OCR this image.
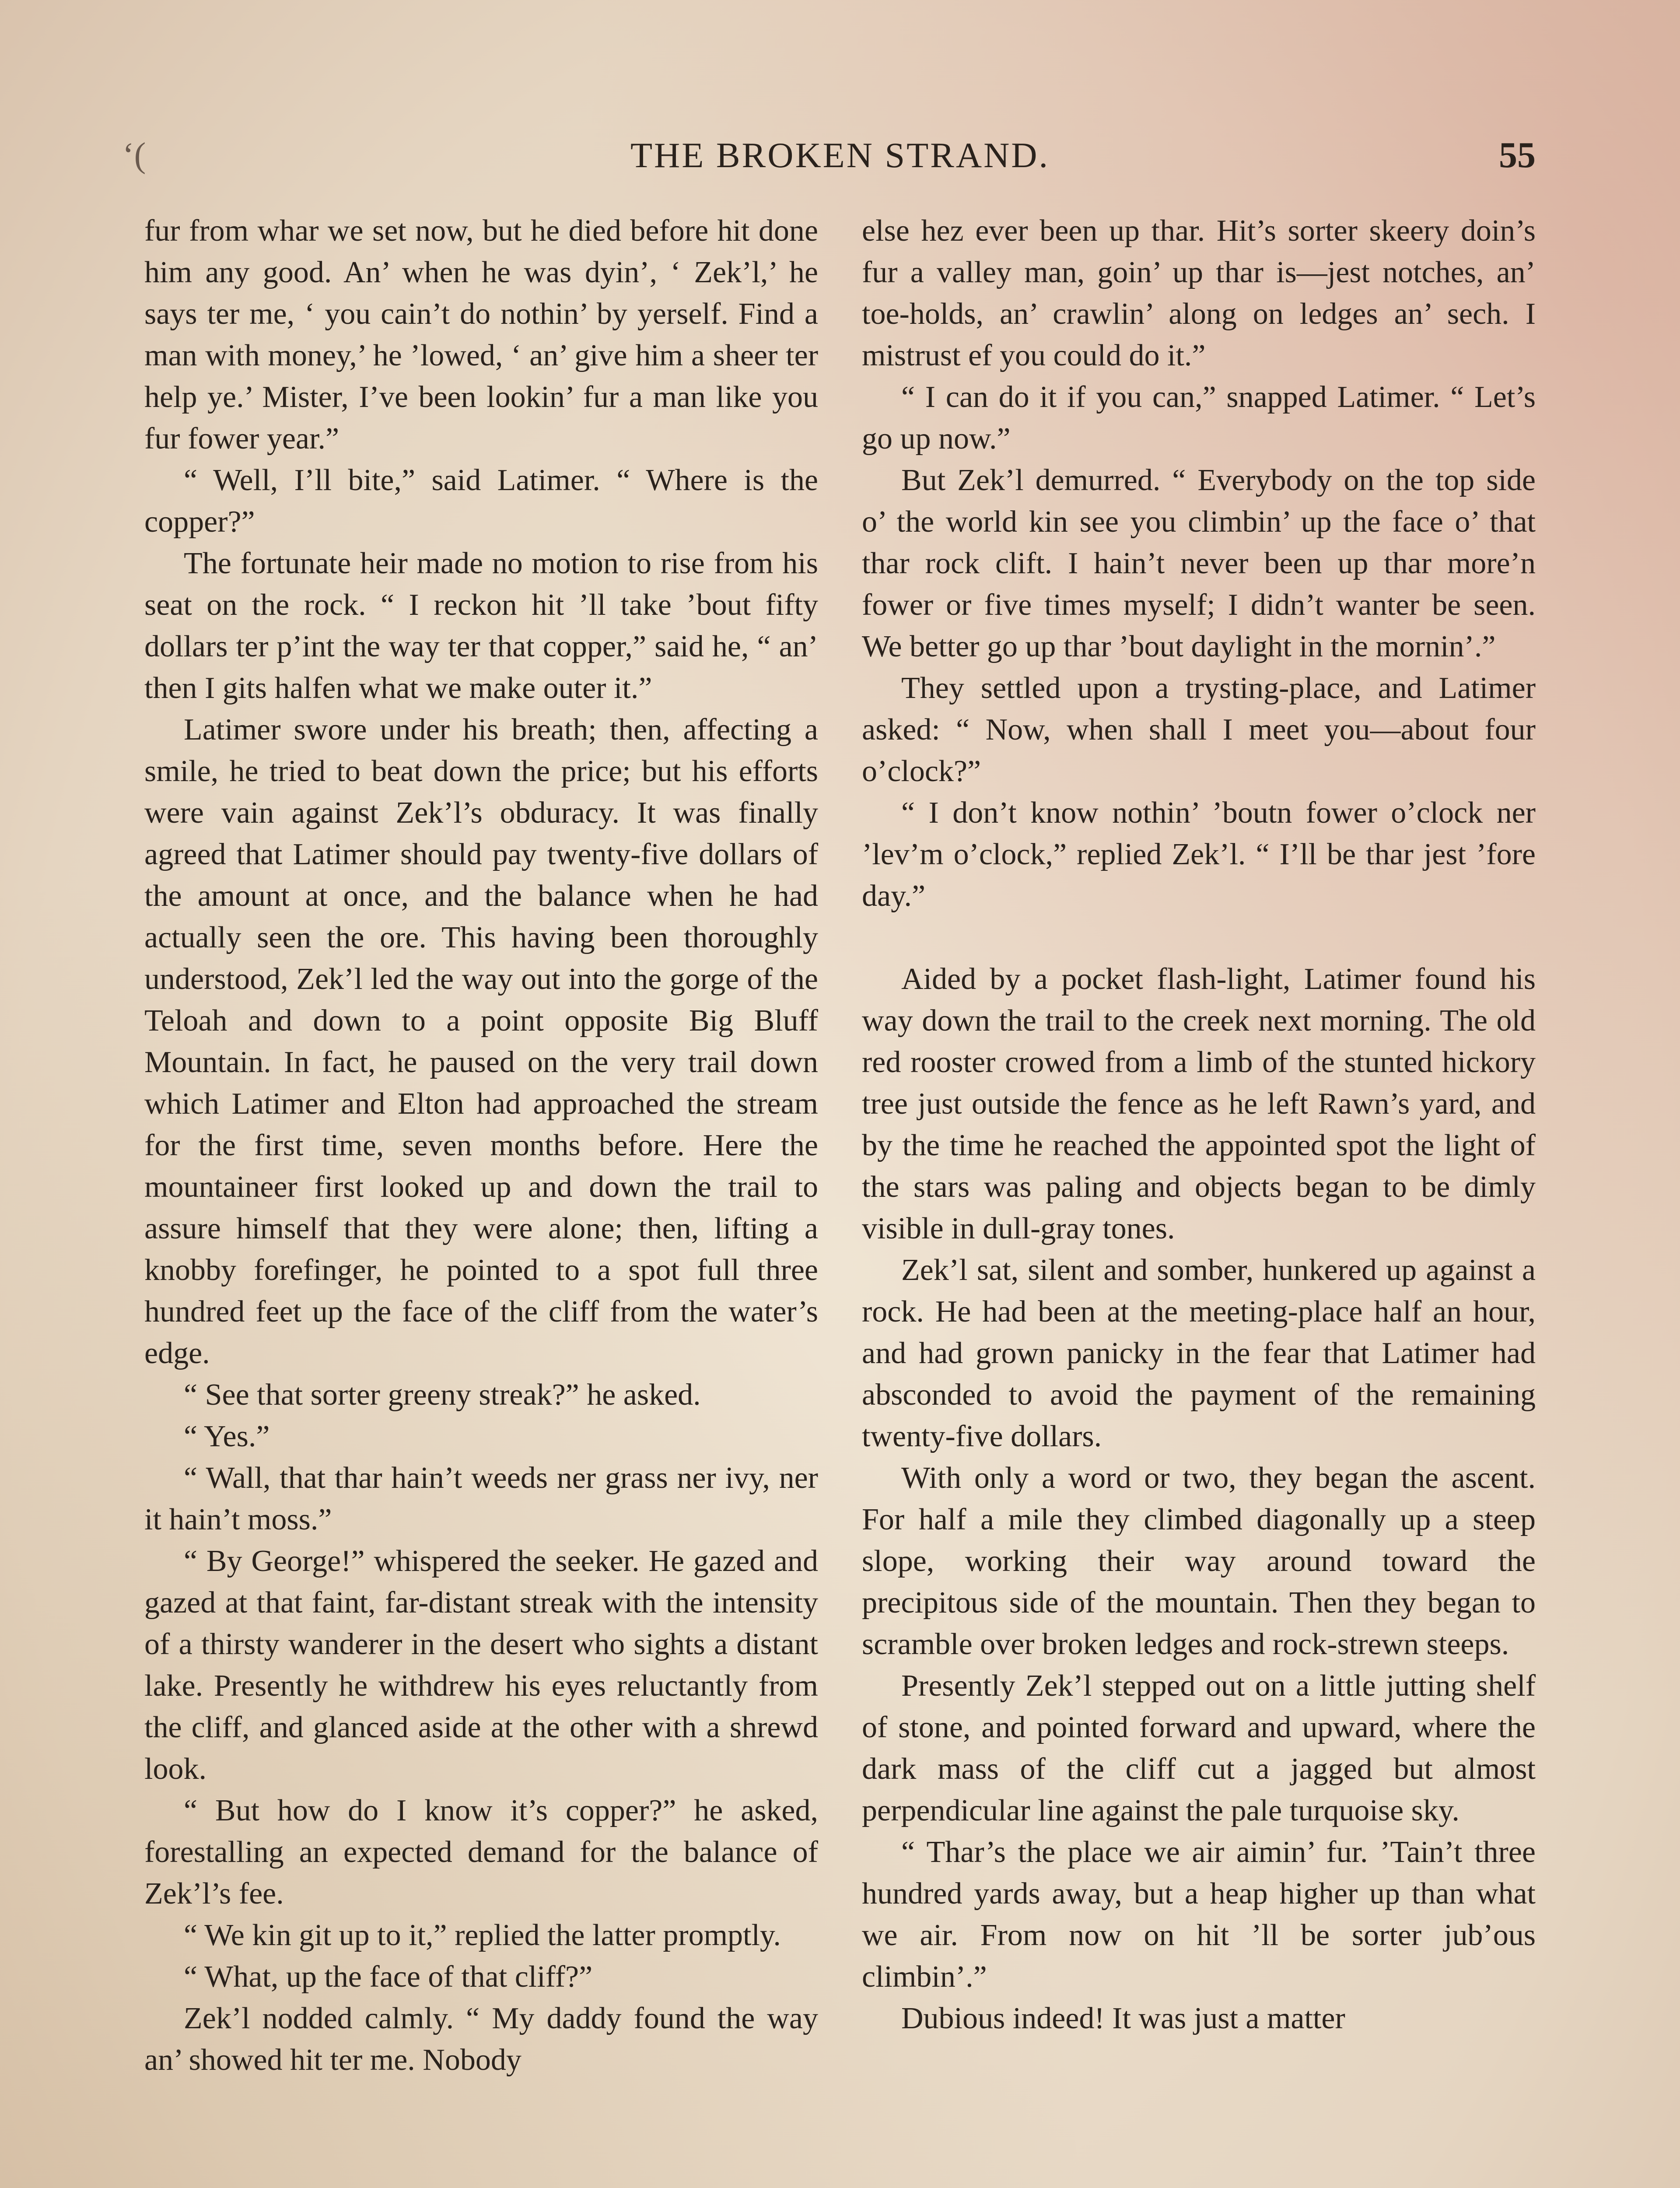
‘(	THE BROKEN STRAND.	55

fur from whar we set now, but he died before hit done him any good. An’ when he was dyin’, ‘ Zek’l,’ he says ter me, ‘ you cain’t do nothin’ by yerself. Find a man with money,’ he ’lowed, ‘ an’ give him a sheer ter help ye.’ Mister, I’ve been lookin’ fur a man like you fur fower year.”

“ Well, I’ll bite,” said Latimer. “ Where is the copper?”

The fortunate heir made no motion to rise from his seat on the rock. “ I reckon hit ’ll take ’bout fifty dollars ter p’int the way ter that copper,” said he, “ an’ then I gits halfen what we make outer it.”

Latimer swore under his breath; then, affecting a smile, he tried to beat down the price; but his efforts were vain against Zek’l’s obduracy. It was finally agreed that Latimer should pay twenty-five dollars of the amount at once, and the balance when he had actually seen the ore. This having been thoroughly understood, Zek’l led the way out into the gorge of the Teloah and down to a point opposite Big Bluff Mountain. In fact, he paused on the very trail down which Latimer and Elton had approached the stream for the first time, seven months before. Here the mountaineer first looked up and down the trail to assure himself that they were alone; then, lifting a knobby forefinger, he pointed to a spot full three hundred feet up the face of the cliff from the water’s edge.

“ See that sorter greeny streak?” he asked.

“ Yes.”

“ Wall, that thar hain’t weeds ner grass ner ivy, ner it hain’t moss.”

“ By George!” whispered the seeker. He gazed and gazed at that faint, far-distant streak with the intensity of a thirsty wanderer in the desert who sights a distant lake. Presently he withdrew his eyes reluctantly from the cliff, and glanced aside at the other with a shrewd look.

“ But how do I know it’s copper?” he asked, forestalling an expected demand for the balance of Zek’l’s fee.

“ We kin git up to it,” replied the latter promptly.

“ What, up the face of that cliff?”

Zek’l nodded calmly. “ My daddy found the way an’ showed hit ter me. Nobody

else hez ever been up thar. Hit’s sorter skeery doin’s fur a valley man, goin’ up thar is—jest notches, an’ toe-holds, an’ crawlin’ along on ledges an’ sech. I mistrust ef you could do it.”

“ I can do it if you can,” snapped Latimer. “ Let’s go up now.”

But Zek’l demurred. “ Everybody on the top side o’ the world kin see you climbin’ up the face o’ that thar rock clift. I hain’t never been up thar more’n fower or five times myself; I didn’t wanter be seen. We better go up thar ’bout daylight in the mornin’.”

They settled upon a trysting-place, and Latimer asked: “ Now, when shall I meet you—about four o’clock?”

“ I don’t know nothin’ ’boutn fower o’clock ner ’lev’m o’clock,” replied Zek’l. “ I’ll be thar jest ’fore day.”

Aided by a pocket flash-light, Latimer found his way down the trail to the creek next morning. The old red rooster crowed from a limb of the stunted hickory tree just outside the fence as he left Rawn’s yard, and by the time he reached the appointed spot the light of the stars was paling and objects began to be dimly visible in dull-gray tones.

Zek’l sat, silent and somber, hunkered up against a rock. He had been at the meeting-place half an hour, and had grown panicky in the fear that Latimer had absconded to avoid the payment of the remaining twenty-five dollars.

With only a word or two, they began the ascent. For half a mile they climbed diagonally up a steep slope, working their way around toward the precipitous side of the mountain. Then they began to scramble over broken ledges and rock-strewn steeps.

Presently Zek’l stepped out on a little jutting shelf of stone, and pointed forward and upward, where the dark mass of the cliff cut a jagged but almost perpendicular line against the pale turquoise sky.

“ Thar’s the place we air aimin’ fur. ’Tain’t three hundred yards away, but a heap higher up than what we air. From now on hit ’ll be sorter jub’ous climbin’.”

Dubious indeed! It was just a matter
